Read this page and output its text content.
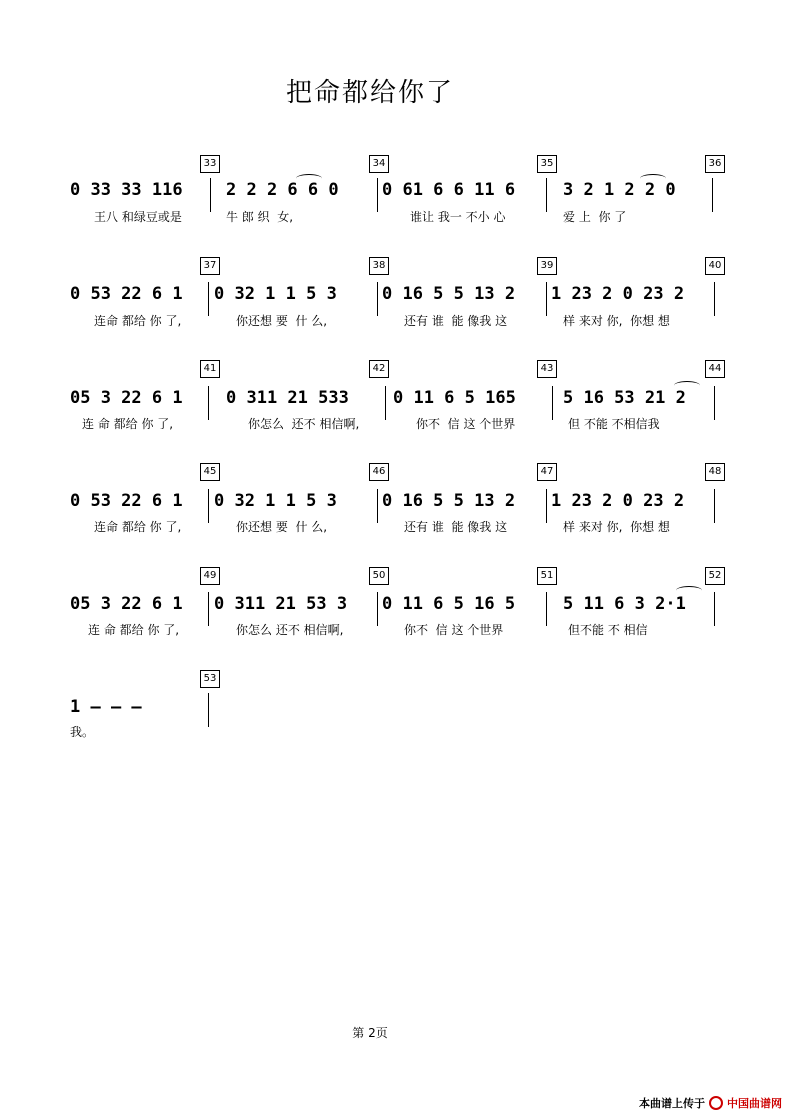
把命都给你了
33	34	35	36
0 33 33 116	2 2 2 6 6 0	0 61 6 6 11 6	3 2 1 2 2 0
王八 和绿豆或是	牛 郎 织  女,	谁让 我一 不小 心	爱 上  你 了
37	38	39	40
0 53 22 6 1 0 32 1 1 5 3	0 16 5 5 13 2 1 23 2 0 23 2
连命 都给 你 了,	你还想 要  什 么,	还有 谁  能 像我 这	样 来对 你,  你想 想
41	42	43	44
05 3 22 6 1	0 311 21 533	0 11 6 5 165	5 16 53 21 2
连 命 都给 你 了,	你怎么  还不 相信啊,	你不  信 这 个世界	但 不能 不相信我
45	46	47	48
0 53 22 6 1 0 32 1 1 5 3	0 16 5 5 13 2 1 23 2 0 23 2
连命 都给 你 了,	你还想 要  什 么,	还有 谁  能 像我 这	样 来对 你,  你想 想
49	50	51	52
05 3 22 6 1 0 311 21 53 3 0 11 6 5 16 5	5 11 6 3 2·1
连 命 都给 你 了,	你怎么 还不 相信啊,	你不  信 这 个世界	但不能 不 相信
53
1 – – –
我。
第 2页
本曲谱上传于 中国曲谱网
